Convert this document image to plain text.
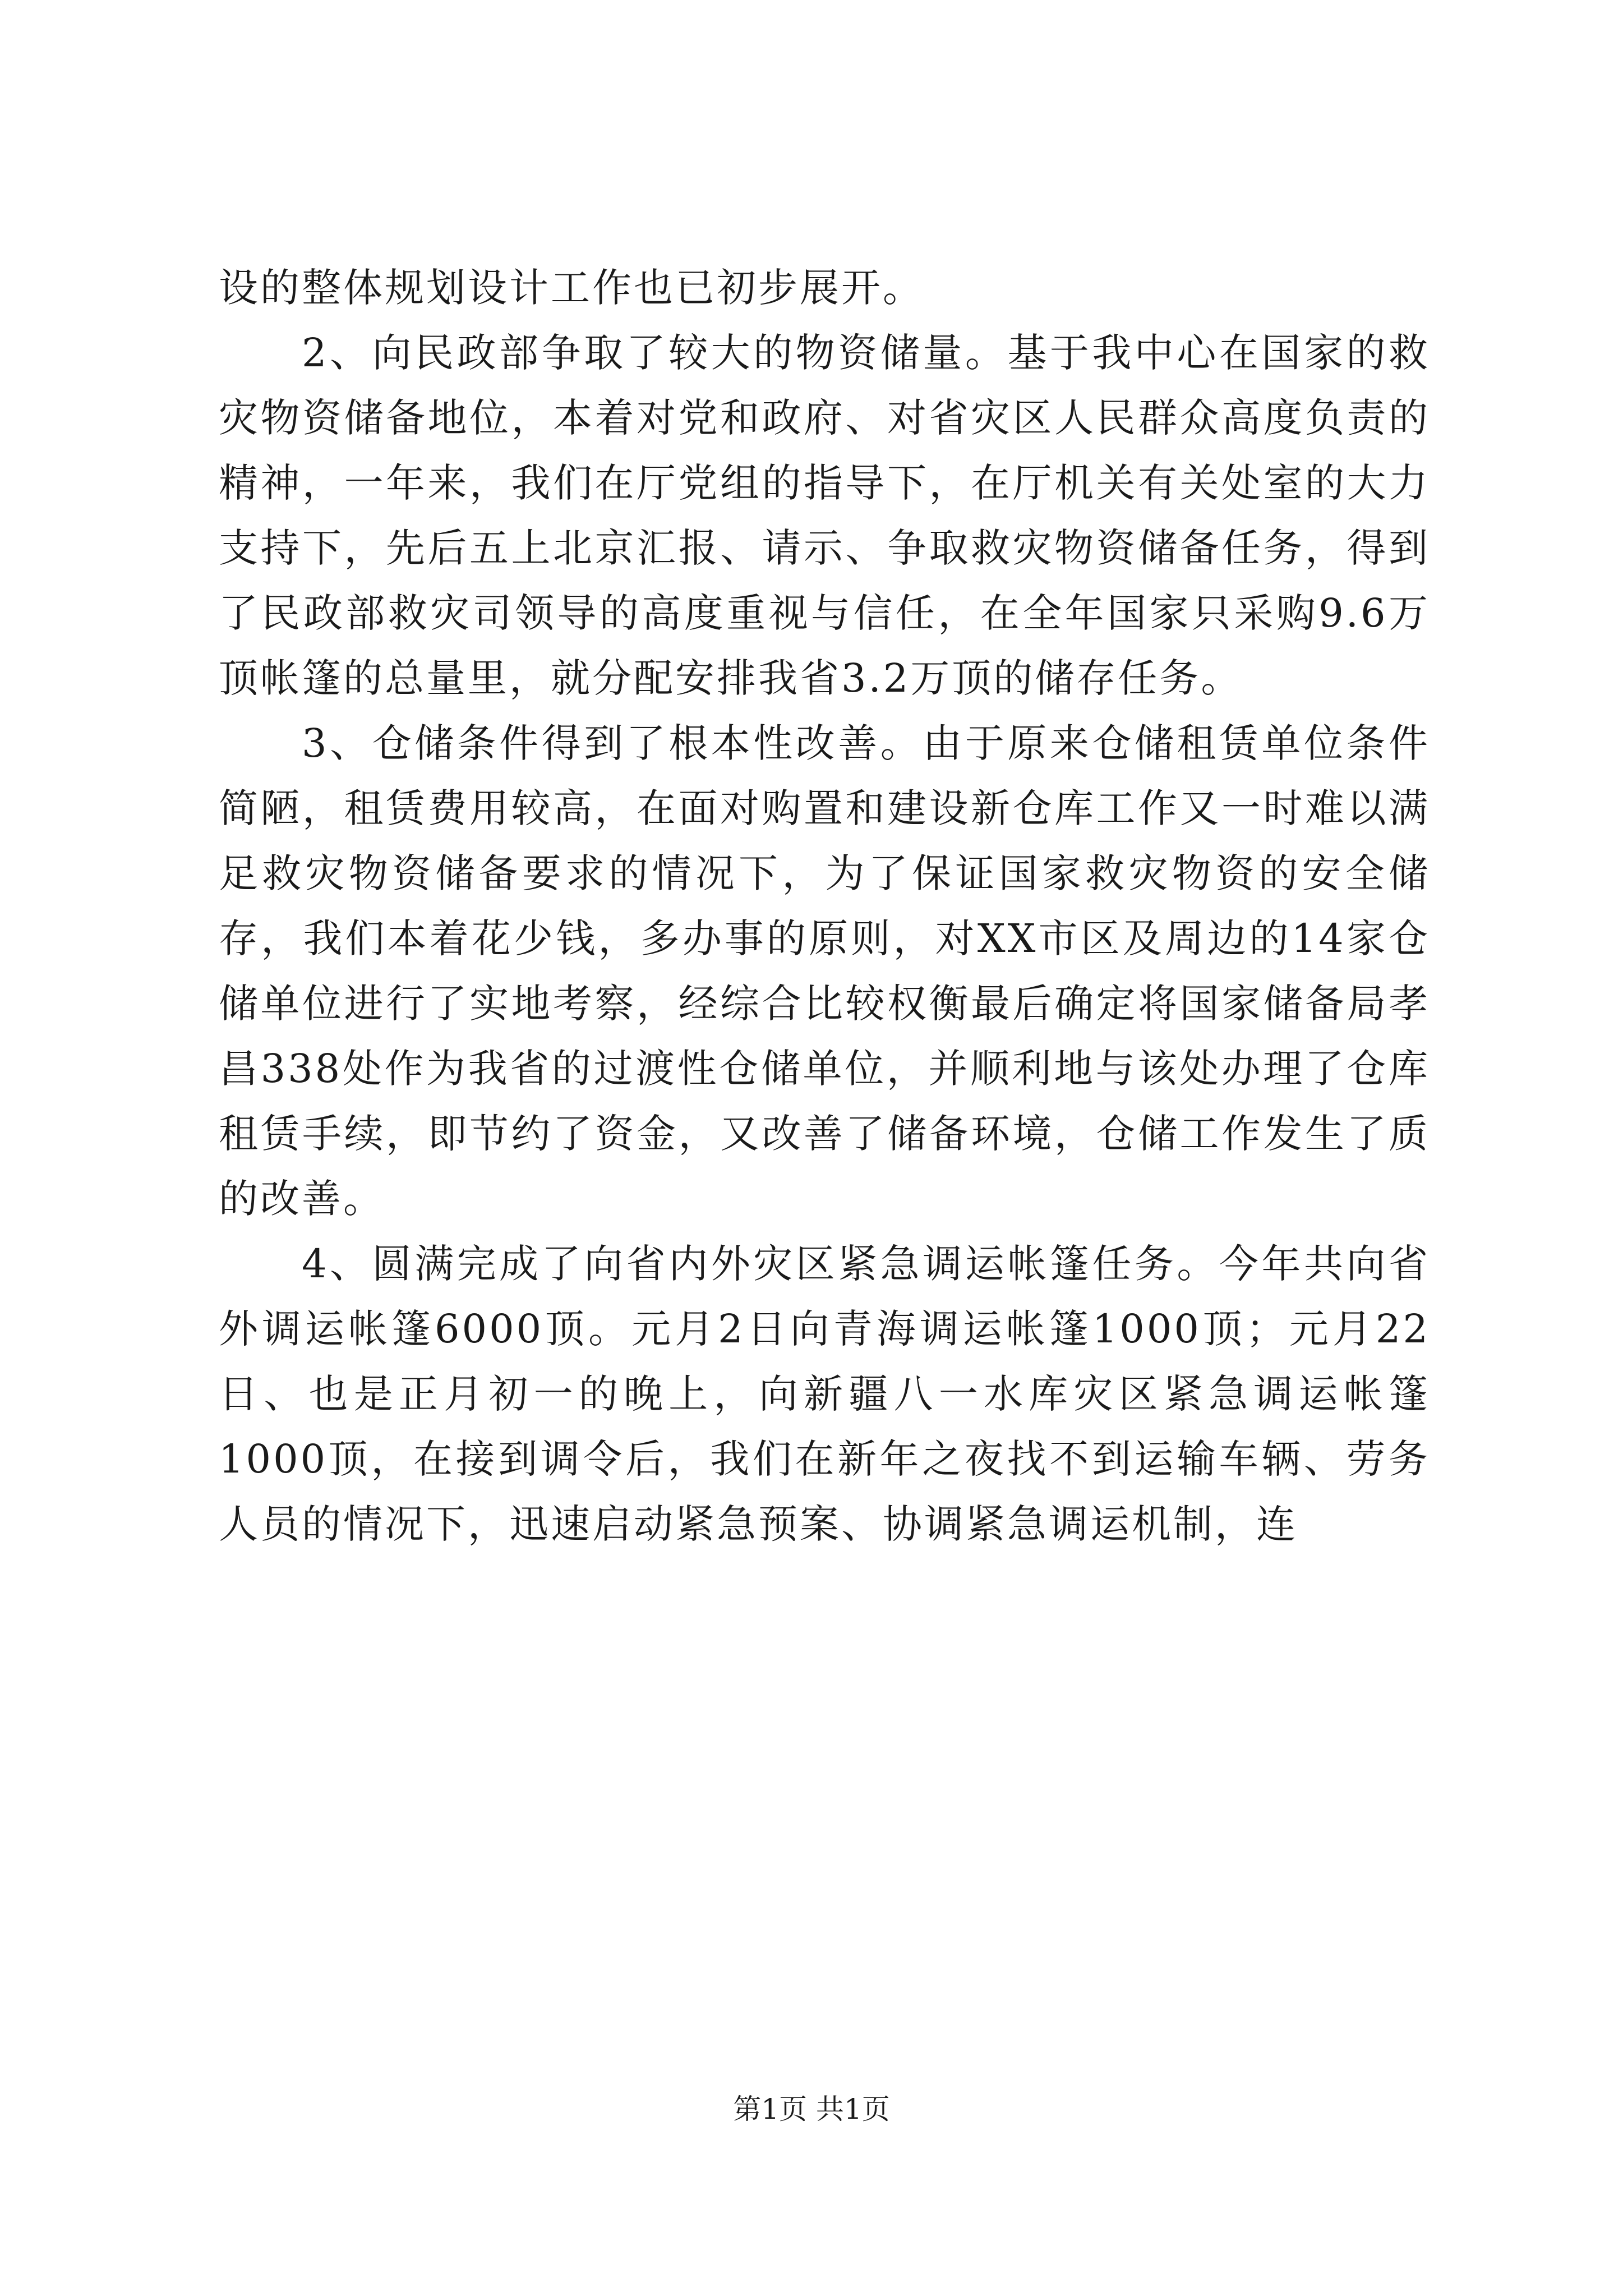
设的整体规划设计工作也已初步展开。

2、向民政部争取了较大的物资储量。基于我中心在国家的救灾物资储备地位，本着对党和政府、对省灾区人民群众高度负责的精神，一年来，我们在厅党组的指导下，在厅机关有关处室的大力支持下，先后五上北京汇报、请示、争取救灾物资储备任务，得到了民政部救灾司领导的高度重视与信任，在全年国家只采购9.6万顶帐篷的总量里，就分配安排我省3.2万顶的储存任务。

3、仓储条件得到了根本性改善。由于原来仓储租赁单位条件简陋，租赁费用较高，在面对购置和建设新仓库工作又一时难以满足救灾物资储备要求的情况下，为了保证国家救灾物资的安全储存，我们本着花少钱，多办事的原则，对XX市区及周边的14家仓储单位进行了实地考察，经综合比较权衡最后确定将国家储备局孝昌338处作为我省的过渡性仓储单位，并顺利地与该处办理了仓库租赁手续，即节约了资金，又改善了储备环境，仓储工作发生了质的改善。

4、圆满完成了向省内外灾区紧急调运帐篷任务。今年共向省外调运帐篷6000顶。元月2日向青海调运帐篷1000顶；元月22日、也是正月初一的晚上，向新疆八一水库灾区紧急调运帐篷1000顶，在接到调令后，我们在新年之夜找不到运输车辆、劳务人员的情况下，迅速启动紧急预案、协调紧急调运机制，连

第1页 共1页
